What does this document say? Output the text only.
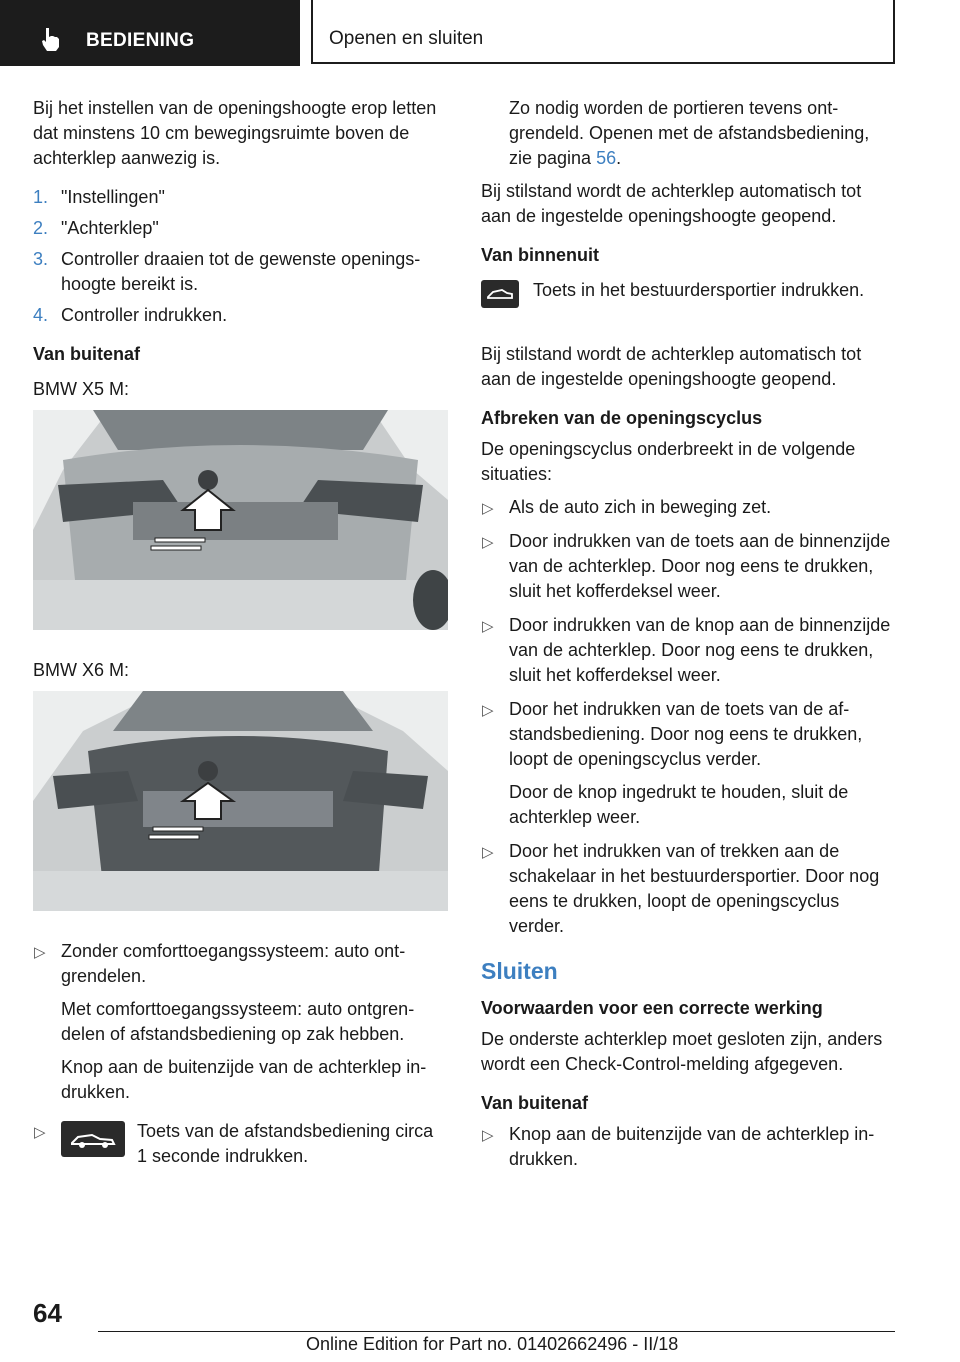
BEDIENING	Openen en sluiten

Bij het instellen van de openingshoogte erop letten dat minstens 10 cm bewegingsruimte boven de achterklep aanwezig is.

1. "Instellingen"
2. "Achterklep"
3. Controller draaien tot de gewenste openingshoogte bereikt is.
4. Controller indrukken.

Van buitenaf

BMW X5 M:

BMW X6 M:

▷ Zonder comforttoegangssysteem: auto ontgrendelen.

Met comforttoegangssysteem: auto ontgrendelen of afstandsbediening op zak hebben.

Knop aan de buitenzijde van de achterklep indrukken.

▷	Toets van de afstandsbediening circa 1 seconde indrukken.

Zo nodig worden de portieren tevens ontgrendeld. Openen met de afstandsbediening, zie pagina 56.

Bij stilstand wordt de achterklep automatisch tot aan de ingestelde openingshoogte geopend.

Van binnenuit

Toets in het bestuurdersportier indrukken.

Bij stilstand wordt de achterklep automatisch tot aan de ingestelde openingshoogte geopend.

Afbreken van de openingscyclus

De openingscyclus onderbreekt in de volgende situaties:

▷ Als de auto zich in beweging zet.

▷ Door indrukken van de toets aan de binnenzijde van de achterklep. Door nog eens te drukken, sluit het kofferdeksel weer.

▷ Door indrukken van de knop aan de binnenzijde van de achterklep. Door nog eens te drukken, sluit het kofferdeksel weer.

▷ Door het indrukken van de toets van de afstandsbediening. Door nog eens te drukken, loopt de openingscyclus verder.

Door de knop ingedrukt te houden, sluit de achterklep weer.

▷ Door het indrukken van of trekken aan de schakelaar in het bestuurdersportier. Door nog eens te drukken, loopt de openingscyclus verder.

Sluiten

Voorwaarden voor een correcte werking

De onderste achterklep moet gesloten zijn, anders wordt een Check-Control-melding afgegeven.

Van buitenaf

▷ Knop aan de buitenzijde van de achterklep indrukken.

64
Online Edition for Part no. 01402662496 - II/18
